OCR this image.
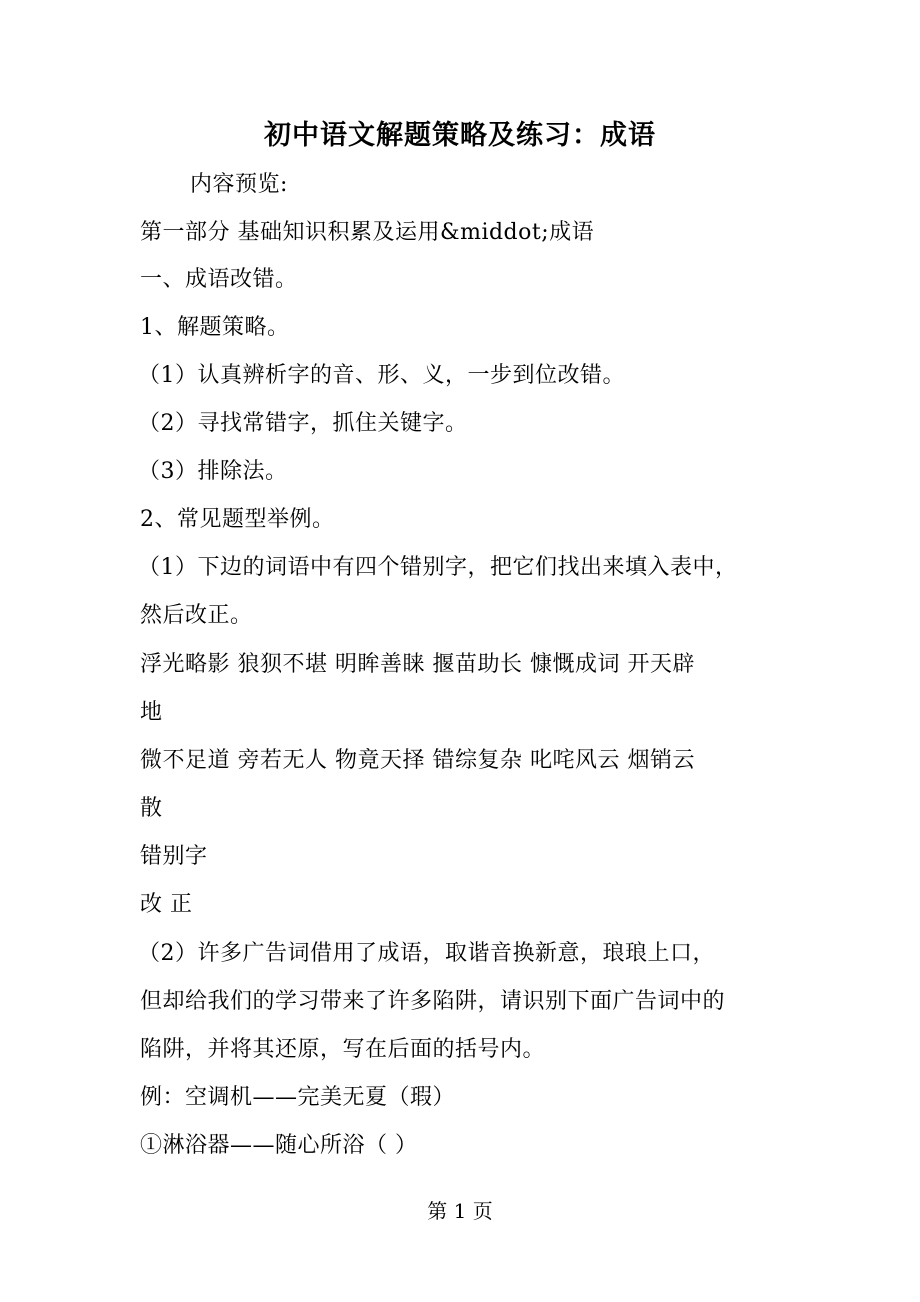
初中语文解题策略及练习：成语
内容预览:
第一部分 基础知识积累及运用&middot;成语
一、成语改错。
1、解题策略。
（1）认真辨析字的音、形、义，一步到位改错。
（2）寻找常错字，抓住关键字。
（3）排除法。
2、常见题型举例。
（1）下边的词语中有四个错别字，把它们找出来填入表中，
然后改正。
浮光略影 狼狈不堪 明眸善睐 揠苗助长 慷慨成词 开天辟
地
微不足道 旁若无人 物竟天择 错综复杂 叱咤风云 烟销云
散
错别字
改 正
（2）许多广告词借用了成语，取谐音换新意，琅琅上口，
但却给我们的学习带来了许多陷阱，请识别下面广告词中的
陷阱，并将其还原，写在后面的括号内。
例：空调机——完美无夏（瑕）
①淋浴器——随心所浴（ ）
第 1 页
